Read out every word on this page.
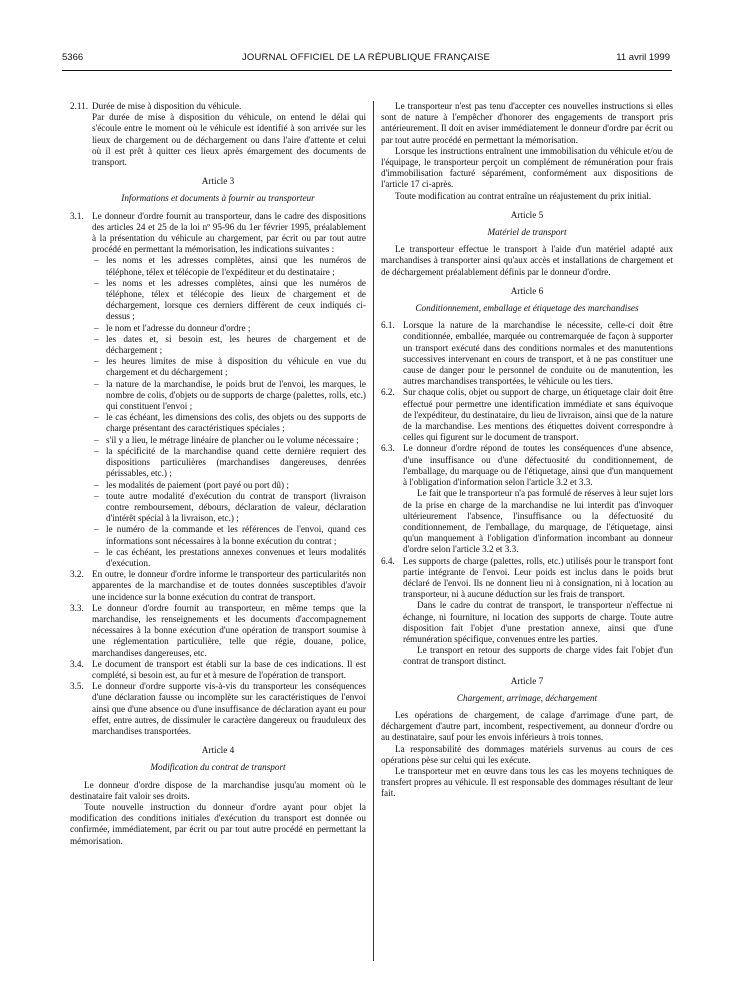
5366	JOURNAL OFFICIEL DE LA RÉPUBLIQUE FRANÇAISE	11 avril 1999
2.11. Durée de mise à disposition du véhicule.

Par durée de mise à disposition du véhicule, on entend le délai qui s'écoule entre le moment où le véhicule est identifié à son arrivée sur les lieux de chargement ou de déchargement ou dans l'aire d'attente et celui où il est prêt à quitter ces lieux après émargement des documents de transport.

Article 3
Informations et documents à fournir au transporteur
3.1. Le donneur d'ordre fournit au transporteur, dans le cadre des dispositions des articles 24 et 25 de la loi nº 95-96 du 1er février 1995, préalablement à la présentation du véhicule au chargement, par écrit ou par tout autre procédé en permettant la mémorisation, les indications suivantes :

– les noms et les adresses complètes, ainsi que les numéros de téléphone, télex et télécopie de l'expéditeur et du destinataire ;
– les noms et les adresses complètes, ainsi que les numéros de téléphone, télex et télécopie des lieux de chargement et de déchargement, lorsque ces derniers diffèrent de ceux indiqués ci-dessus ;
– le nom et l'adresse du donneur d'ordre ;
– les dates et, si besoin est, les heures de chargement et de déchargement ;
– les heures limites de mise à disposition du véhicule en vue du chargement et du déchargement ;
– la nature de la marchandise, le poids brut de l'envoi, les marques, le nombre de colis, d'objets ou de supports de charge (palettes, rolls, etc.) qui constituent l'envoi ;
– le cas échéant, les dimensions des colis, des objets ou des supports de charge présentant des caractéristiques spéciales ;
– s'il y a lieu, le métrage linéaire de plancher ou le volume nécessaire ;
– la spécificité de la marchandise quand cette dernière requiert des dispositions particulières (marchandises dangereuses, denrées périssables, etc.) ;
– les modalités de paiement (port payé ou port dû) ;
– toute autre modalité d'exécution du contrat de transport (livraison contre remboursement, débours, déclaration de valeur, déclaration d'intérêt spécial à la livraison, etc.) ;
– le numéro de la commande et les références de l'envoi, quand ces informations sont nécessaires à la bonne exécution du contrat ;
– le cas échéant, les prestations annexes convenues et leurs modalités d'exécution.
3.2. En outre, le donneur d'ordre informe le transporteur des particularités non apparentes de la marchandise et de toutes données susceptibles d'avoir une incidence sur la bonne exécution du contrat de transport.

3.3. Le donneur d'ordre fournit au transporteur, en même temps que la marchandise, les renseignements et les documents d'accompagnement nécessaires à la bonne exécution d'une opération de transport soumise à une réglementation particulière, telle que régie, douane, police, marchandises dangereuses, etc.

3.4. Le document de transport est établi sur la base de ces indications. Il est complété, si besoin est, au fur et à mesure de l'opération de transport.

3.5. Le donneur d'ordre supporte vis-à-vis du transporteur les conséquences d'une déclaration fausse ou incomplète sur les caractéristiques de l'envoi ainsi que d'une absence ou d'une insuffisance de déclaration ayant eu pour effet, entre autres, de dissimuler le caractère dangereux ou frauduleux des marchandises transportées.

Article 4
Modification du contrat de transport

Le donneur d'ordre dispose de la marchandise jusqu'au moment où le destinataire fait valoir ses droits.

Toute nouvelle instruction du donneur d'ordre ayant pour objet la modification des conditions initiales d'exécution du transport est donnée ou confirmée, immédiatement, par écrit ou par tout autre procédé en permettant la mémorisation.

Le transporteur n'est pas tenu d'accepter ces nouvelles instructions si elles sont de nature à l'empêcher d'honorer des engagements de transport pris antérieurement. Il doit en aviser immédiatement le donneur d'ordre par écrit ou par tout autre procédé en permettant la mémorisation.

Lorsque les instructions entraînent une immobilisation du véhicule et/ou de l'équipage, le transporteur perçoit un complément de rémunération pour frais d'immobilisation facturé séparément, conformément aux dispositions de l'article 17 ci-après.

Toute modification au contrat entraîne un réajustement du prix initial.

Article 5
Matériel de transport

Le transporteur effectue le transport à l'aide d'un matériel adapté aux marchandises à transporter ainsi qu'aux accès et installations de chargement et de déchargement préalablement définis par le donneur d'ordre.

Article 6
Conditionnement, emballage et étiquetage des marchandises
6.1. Lorsque la nature de la marchandise le nécessite, celle-ci doit être conditionnée, emballée, marquée ou contremarquée de façon à supporter un transport exécuté dans des conditions normales et des manutentions successives intervenant en cours de transport, et à ne pas constituer une cause de danger pour le personnel de conduite ou de manutention, les autres marchandises transportées, le véhicule ou les tiers.

6.2. Sur chaque colis, objet ou support de charge, un étiquetage clair doit être effectué pour permettre une identification immédiate et sans équivoque de l'expéditeur, du destinataire, du lieu de livraison, ainsi que de la nature de la marchandise. Les mentions des étiquettes doivent correspondre à celles qui figurent sur le document de transport.

6.3. Le donneur d'ordre répond de toutes les conséquences d'une absence, d'une insuffisance ou d'une défectuosité du conditionnement, de l'emballage, du marquage ou de l'étiquetage, ainsi que d'un manquement à l'obligation d'information selon l'article 3.2 et 3.3.

Le fait que le transporteur n'a pas formulé de réserves à leur sujet lors de la prise en charge de la marchandise ne lui interdit pas d'invoquer ultérieurement l'absence, l'insuffisance ou la défectuosité du conditionnement, de l'emballage, du marquage, de l'étiquetage, ainsi qu'un manquement à l'obligation d'information incombant au donneur d'ordre selon l'article 3.2 et 3.3.

6.4. Les supports de charge (palettes, rolls, etc.) utilisés pour le transport font partie intégrante de l'envoi. Leur poids est inclus dans le poids brut déclaré de l'envoi. Ils ne donnent lieu ni à consignation, ni à location au transporteur, ni à aucune déduction sur les frais de transport.

Dans le cadre du contrat de transport, le transporteur n'effectue ni échange, ni fourniture, ni location des supports de charge. Toute autre disposition fait l'objet d'une prestation annexe, ainsi que d'une rémunération spécifique, convenues entre les parties.

Le transport en retour des supports de charge vides fait l'objet d'un contrat de transport distinct.

Article 7
Chargement, arrimage, déchargement

Les opérations de chargement, de calage d'arrimage d'une part, de déchargement d'autre part, incombent, respectivement, au donneur d'ordre ou au destinataire, sauf pour les envois inférieurs à trois tonnes.

La responsabilité des dommages matériels survenus au cours de ces opérations pèse sur celui qui les exécute.

Le transporteur met en œuvre dans tous les cas les moyens techniques de transfert propres au véhicule. Il est responsable des dommages résultant de leur fait.
